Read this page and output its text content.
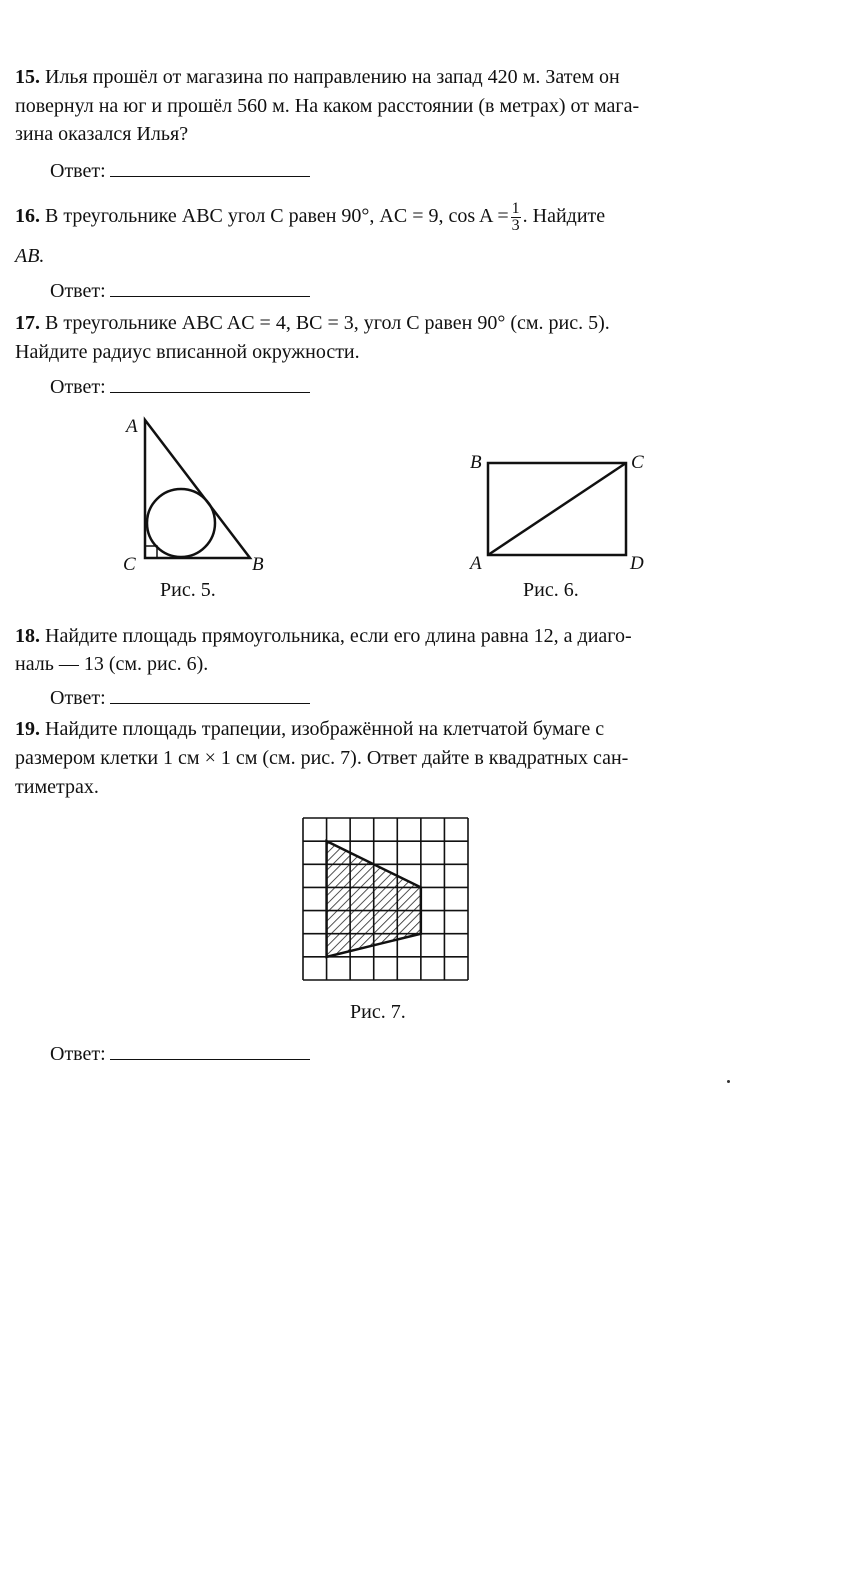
15. Илья прошёл от магазина по направлению на запад 420 м. Затем он
повернул на юг и прошёл 560 м. На каком расстоянии (в метрах) от мага-
зина оказался Илья?
Ответ:
16. В треугольнике ABC угол C равен 90°, AC = 9, $\cos A = \frac{1}{3}$ . Найдите
AB.
Ответ:
17. В треугольнике ABC AC = 4, BC = 3, угол C равен 90° (см. рис. 5).
Найдите радиус вписанной окружности.
Ответ:
A
C	B
B	C
A	D
Рис. 5.	Рис. 6.
18. Найдите площадь прямоугольника, если его длина равна 12, а диаго-
наль — 13 (см. рис. 6).
Ответ:
19. Найдите площадь трапеции, изображённой на клетчатой бумаге с
размером клетки 1 см × 1 см (см. рис. 7). Ответ дайте в квадратных сан-
тиметрах.
Рис. 7.
Ответ:
